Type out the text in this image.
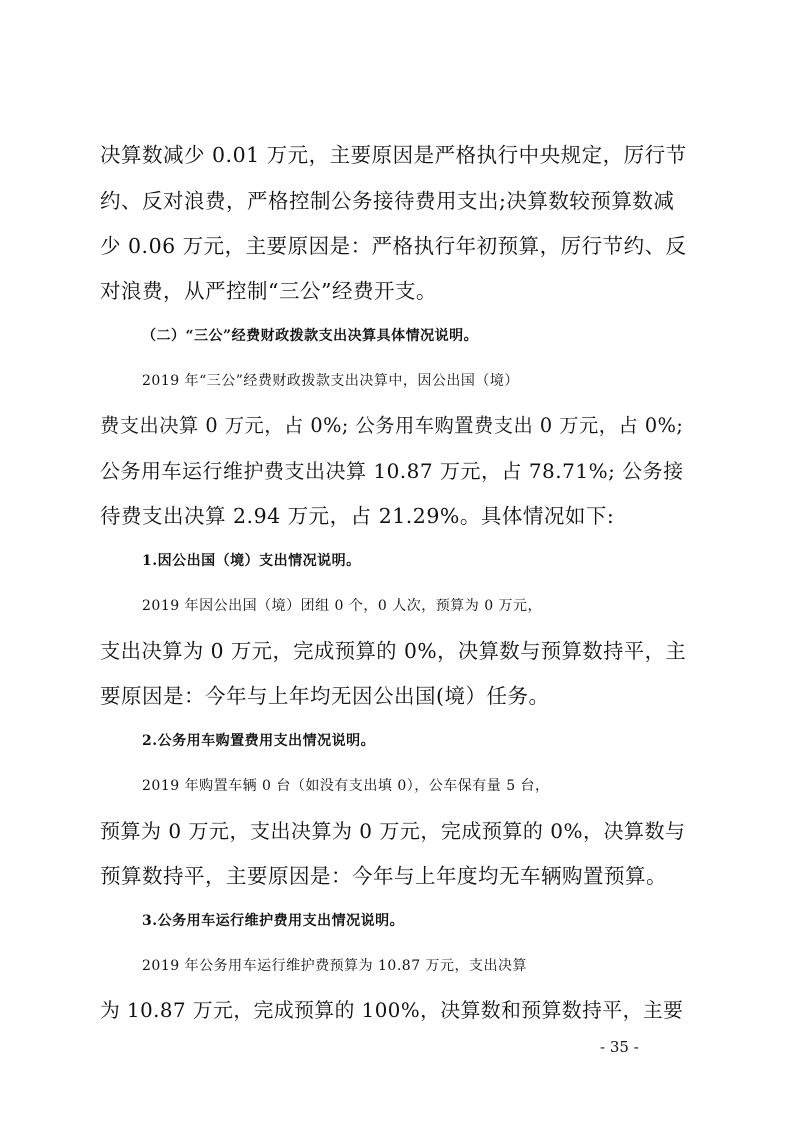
决算数减少 0.01 万元，主要原因是严格执行中央规定，厉行节
约、反对浪费，严格控制公务接待费用支出;决算数较预算数减
少 0.06 万元，主要原因是：严格执行年初预算，厉行节约、反
对浪费，从严控制“三公”经费开支。
（二）“三公”经费财政拨款支出决算具体情况说明。
2019 年“三公”经费财政拨款支出决算中，因公出国（境）
费支出决算 0 万元，占 0%; 公务用车购置费支出 0 万元，占 0%;
公务用车运行维护费支出决算 10.87 万元，占 78.71%; 公务接
待费支出决算 2.94 万元，占 21.29%。具体情况如下:
1.因公出国（境）支出情况说明。
2019 年因公出国（境）团组 0 个，0 人次，预算为 0 万元，
支出决算为 0 万元，完成预算的 0%，决算数与预算数持平，主
要原因是：今年与上年均无因公出国(境）任务。
2.公务用车购置费用支出情况说明。
2019 年购置车辆 0 台（如没有支出填 0），公车保有量 5 台，
预算为 0 万元，支出决算为 0 万元，完成预算的 0%，决算数与
预算数持平，主要原因是：今年与上年度均无车辆购置预算。
3.公务用车运行维护费用支出情况说明。
2019 年公务用车运行维护费预算为 10.87 万元，支出决算
为 10.87 万元，完成预算的 100%，决算数和预算数持平，主要
- 35 -
